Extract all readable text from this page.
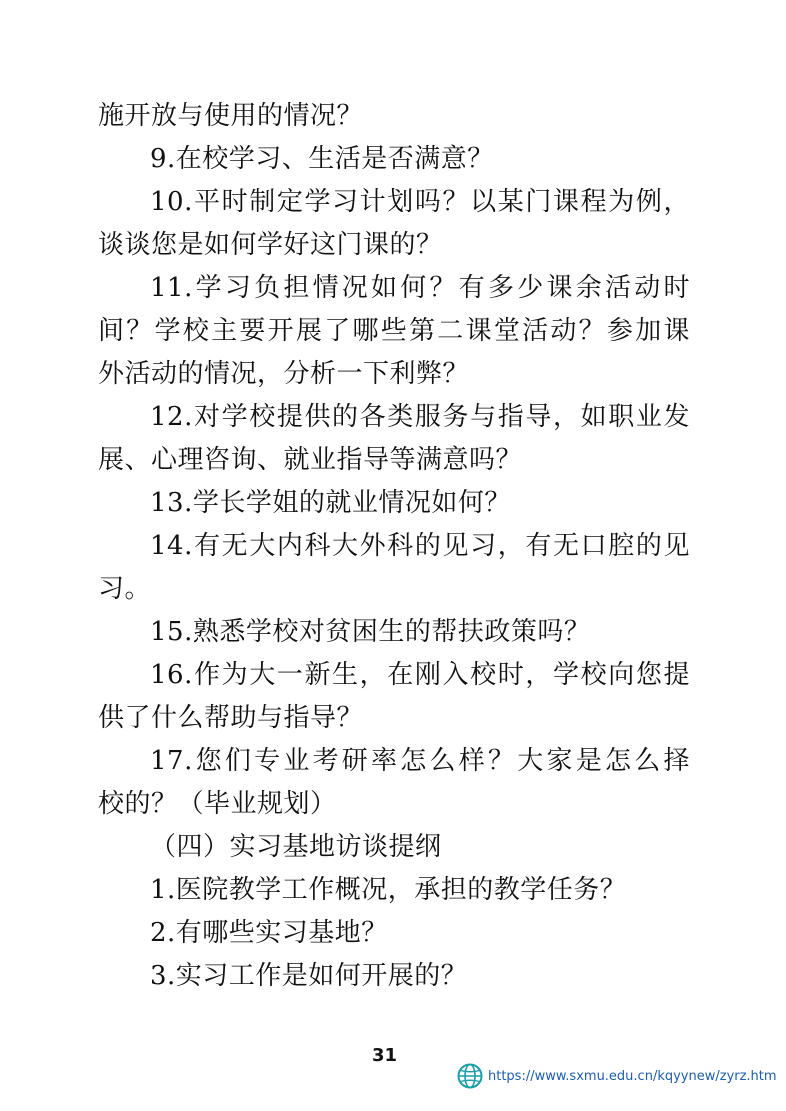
施开放与使用的情况？
9.在校学习、生活是否满意？
10.平时制定学习计划吗？以某门课程为例，
谈谈您是如何学好这门课的？
11.学习负担情况如何？有多少课余活动时
间？学校主要开展了哪些第二课堂活动？参加课
外活动的情况，分析一下利弊？
12.对学校提供的各类服务与指导，如职业发
展、心理咨询、就业指导等满意吗？
13.学长学姐的就业情况如何？
14.有无大内科大外科的见习，有无口腔的见
习。
15.熟悉学校对贫困生的帮扶政策吗？
16.作为大一新生，在刚入校时，学校向您提
供了什么帮助与指导？
17.您们专业考研率怎么样？大家是怎么择
校的？（毕业规划）
（四）实习基地访谈提纲
1.医院教学工作概况，承担的教学任务？
2.有哪些实习基地？
3.实习工作是如何开展的？
31
https://www.sxmu.edu.cn/kqyynew/zyrz.htm
